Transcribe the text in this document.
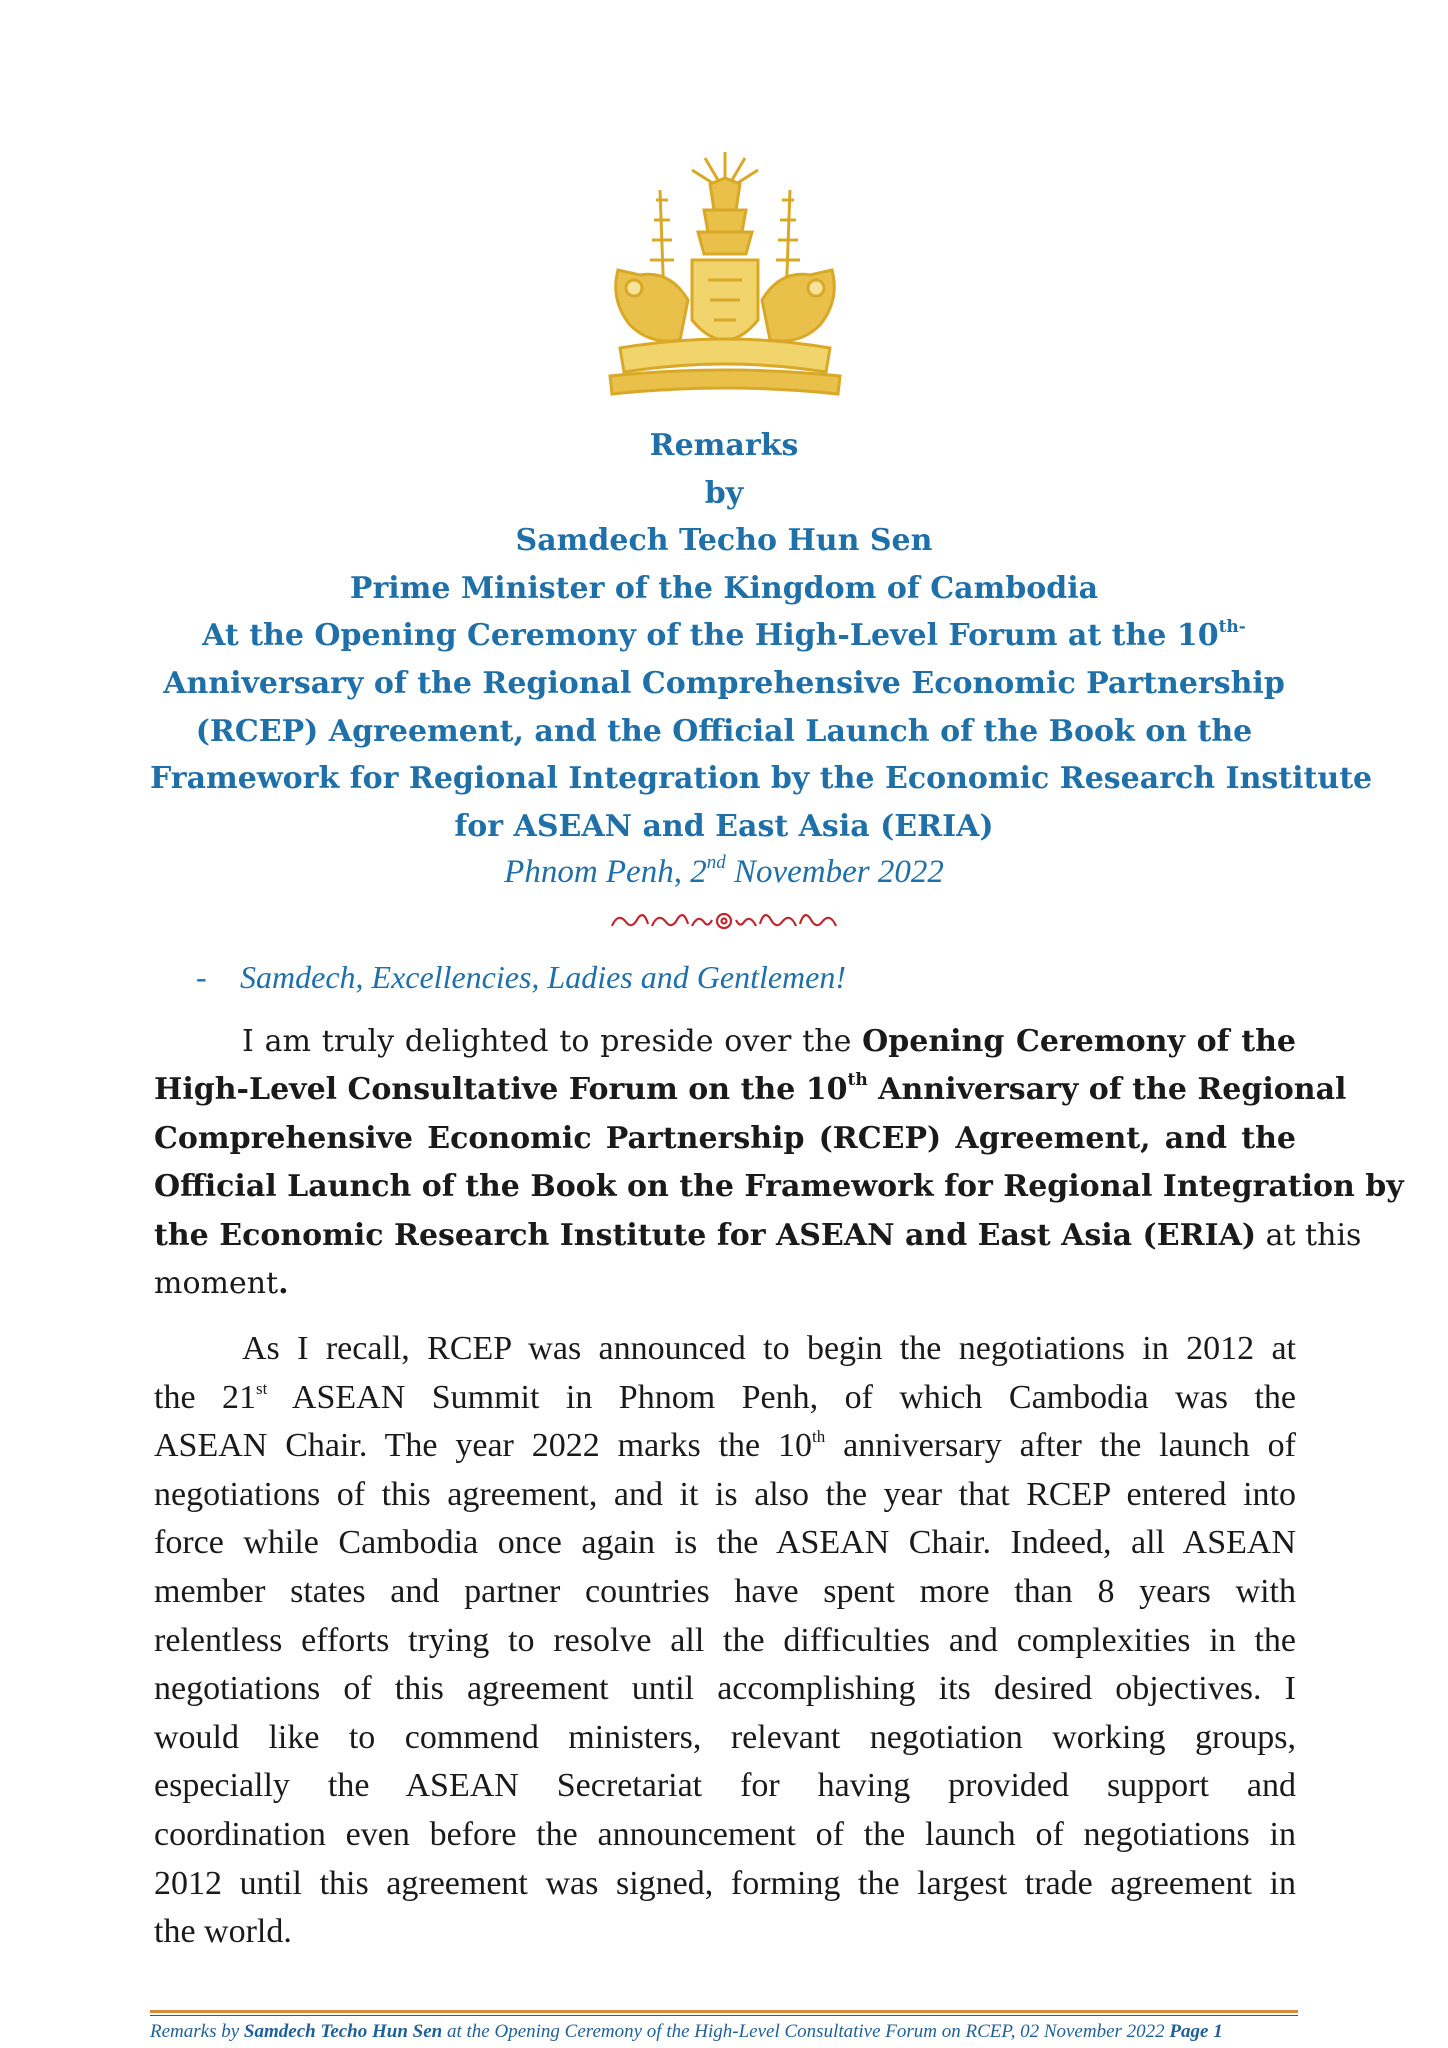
Remarks
by
Samdech Techo Hun Sen
Prime Minister of the Kingdom of Cambodia
At the Opening Ceremony of the High-Level Forum at the $10^{th-}$
Anniversary of the Regional Comprehensive Economic Partnership
(RCEP) Agreement, and the Official Launch of the Book on the
Framework for Regional Integration by the Economic Research Institute
for ASEAN and East Asia (ERIA)
Phnom Penh, 2nd November 2022
- Samdech, Excellencies, Ladies and Gentlemen!
I am truly delighted to preside over the Opening Ceremony of the
High-Level Consultative Forum on the 10th Anniversary of the Regional
Comprehensive Economic Partnership (RCEP) Agreement, and the
Official Launch of the Book on the Framework for Regional Integration by
the Economic Research Institute for ASEAN and East Asia (ERIA) at this
moment.
As I recall, RCEP was announced to begin the negotiations in 2012 at
the 21st ASEAN Summit in Phnom Penh, of which Cambodia was the
ASEAN Chair. The year 2022 marks the 10th anniversary after the launch of
negotiations of this agreement, and it is also the year that RCEP entered into
force while Cambodia once again is the ASEAN Chair. Indeed, all ASEAN
member states and partner countries have spent more than 8 years with
relentless efforts trying to resolve all the difficulties and complexities in the
negotiations of this agreement until accomplishing its desired objectives. I
would like to commend ministers, relevant negotiation working groups,
especially the ASEAN Secretariat for having provided support and
coordination even before the announcement of the launch of negotiations in
2012 until this agreement was signed, forming the largest trade agreement in
the world.
Remarks by Samdech Techo Hun Sen at the Opening Ceremony of the High-Level Consultative Forum on RCEP, 02 November 2022 Page 1
